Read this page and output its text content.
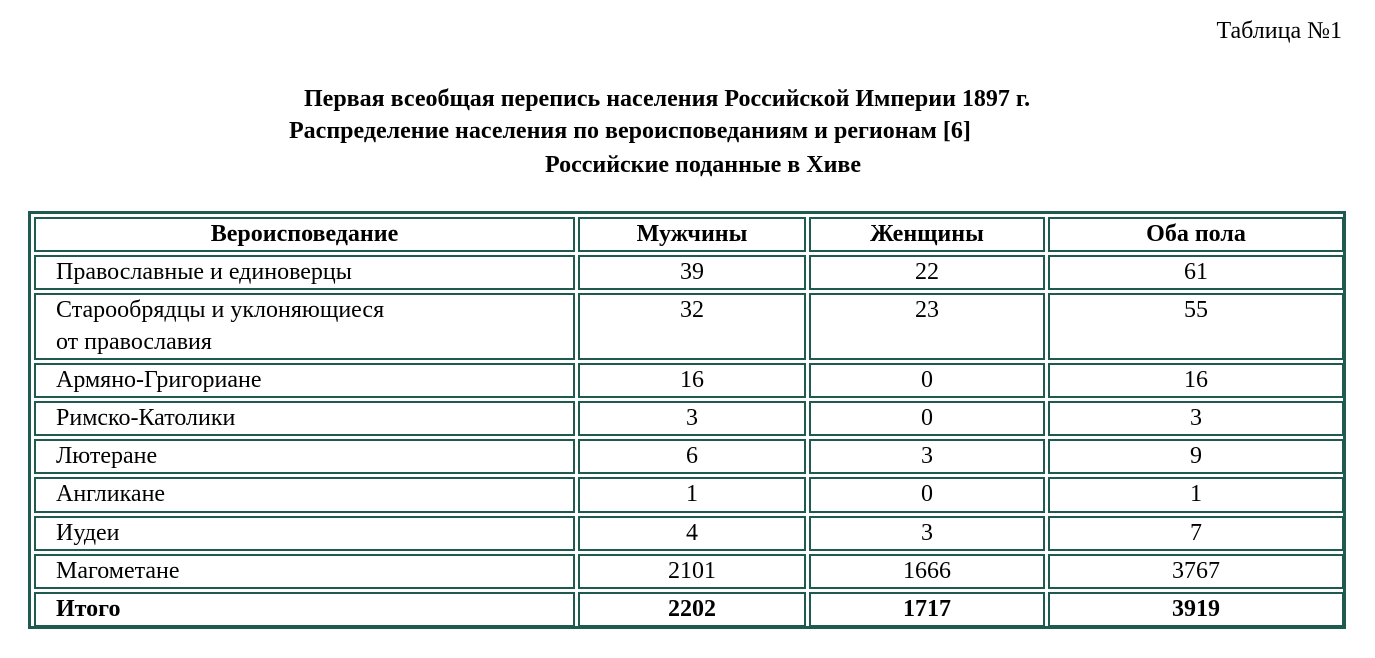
Таблица №1
Первая всеобщая перепись населения Российской Империи 1897 г.
Распределение населения по вероисповеданиям и регионам [6]
Российские поданные в Хиве
Вероисповедание	Мужчины	Женщины	Оба пола
Православные и единоверцы	39	22	61

Старообрядцы и уклоняющиеся
от православия	32	23	55
Армяно-Григориане	16	0	16
Римско-Католики	3	0	3
Лютеране	6	3	9
Англикане	1	0	1
Иудеи	4	3	7
Магометане	2101	1666	3767
Итого	2202	1717	3919
